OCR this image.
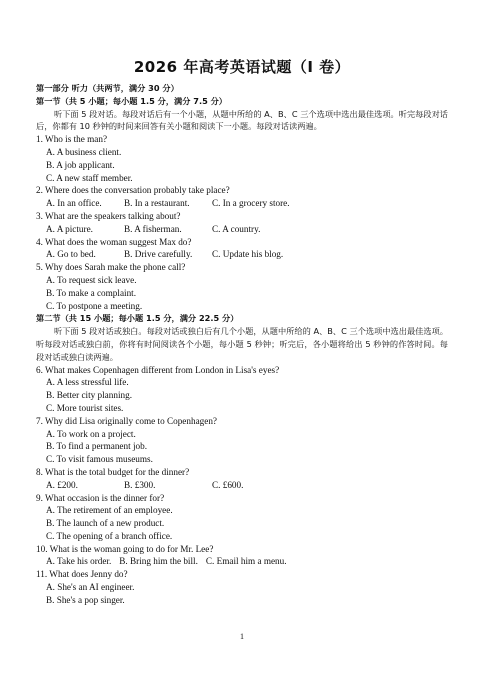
2026 年高考英语试题（I 卷）
第一部分 听力（共两节，满分 30 分）
第一节（共 5 小题；每小题 1.5 分，满分 7.5 分）
听下面 5 段对话。每段对话后有一个小题，从题中所给的 A、B、C 三个选项中选出最佳选项。听完每段对话后，你都有 10 秒钟的时间来回答有关小题和阅读下一小题。每段对话读两遍。
1. Who is the man?
A. A business client.
B. A job applicant.
C. A new staff member.
2. Where does the conversation probably take place?
A. In an office.	B. In a restaurant.	C. In a grocery store.
3. What are the speakers talking about?
A. A picture.	B. A fisherman.	C. A country.
4. What does the woman suggest Max do?
A. Go to bed.	B. Drive carefully.	C. Update his blog.
5. Why does Sarah make the phone call?
A. To request sick leave.
B. To make a complaint.
C. To postpone a meeting.
第二节（共 15 小题；每小题 1.5 分，满分 22.5 分）
听下面 5 段对话或独白。每段对话或独白后有几个小题，从题中所给的 A、B、C 三个选项中选出最佳选项。听每段对话或独白前，你将有时间阅读各个小题，每小题 5 秒钟；听完后，各小题将给出 5 秒钟的作答时间。每段对话或独白读两遍。
6. What makes Copenhagen different from London in Lisa's eyes?
A. A less stressful life.
B. Better city planning.
C. More tourist sites.
7. Why did Lisa originally come to Copenhagen?
A. To work on a project.
B. To find a permanent job.
C. To visit famous museums.
8. What is the total budget for the dinner?
A. £200.	B. £300.	C. £600.
9. What occasion is the dinner for?
A. The retirement of an employee.
B. The launch of a new product.
C. The opening of a branch office.
10. What is the woman going to do for Mr. Lee?
A. Take his order. B. Bring him the bill. C. Email him a menu.
11. What does Jenny do?
A. She's an AI engineer.
B. She's a pop singer.
1
